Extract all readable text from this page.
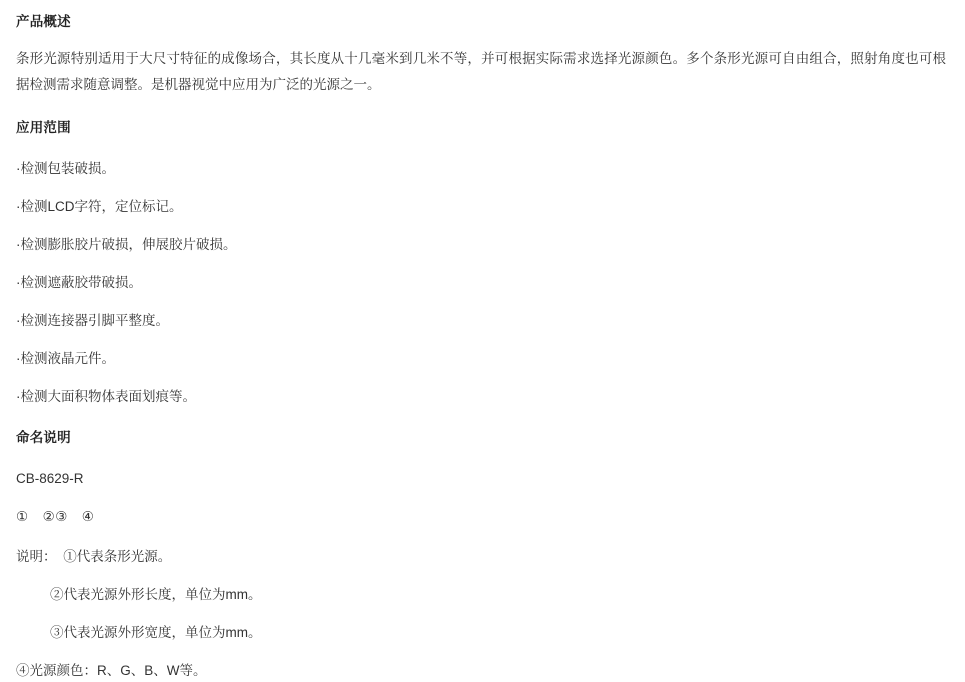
产品概述

条形光源特别适用于大尺寸特征的成像场合，其长度从十几毫米到几米不等，并可根据实际需求选择光源颜色。多个条形光源可自由组合，照射角度也可根据检测需求随意调整。是机器视觉中应用为广泛的光源之一。

应用范围

·检测包装破损。

·检测LCD字符，定位标记。

·检测膨胀胶片破损，伸展胶片破损。

·检测遮蔽胶带破损。

·检测连接器引脚平整度。

·检测液晶元件。

·检测大面积物体表面划痕等。

命名说明

CB-8629-R

①　②③　④

说明：　①代表条形光源。

②代表光源外形长度，单位为mm。

③代表光源外形宽度，单位为mm。

④光源颜色：R、G、B、W等。
